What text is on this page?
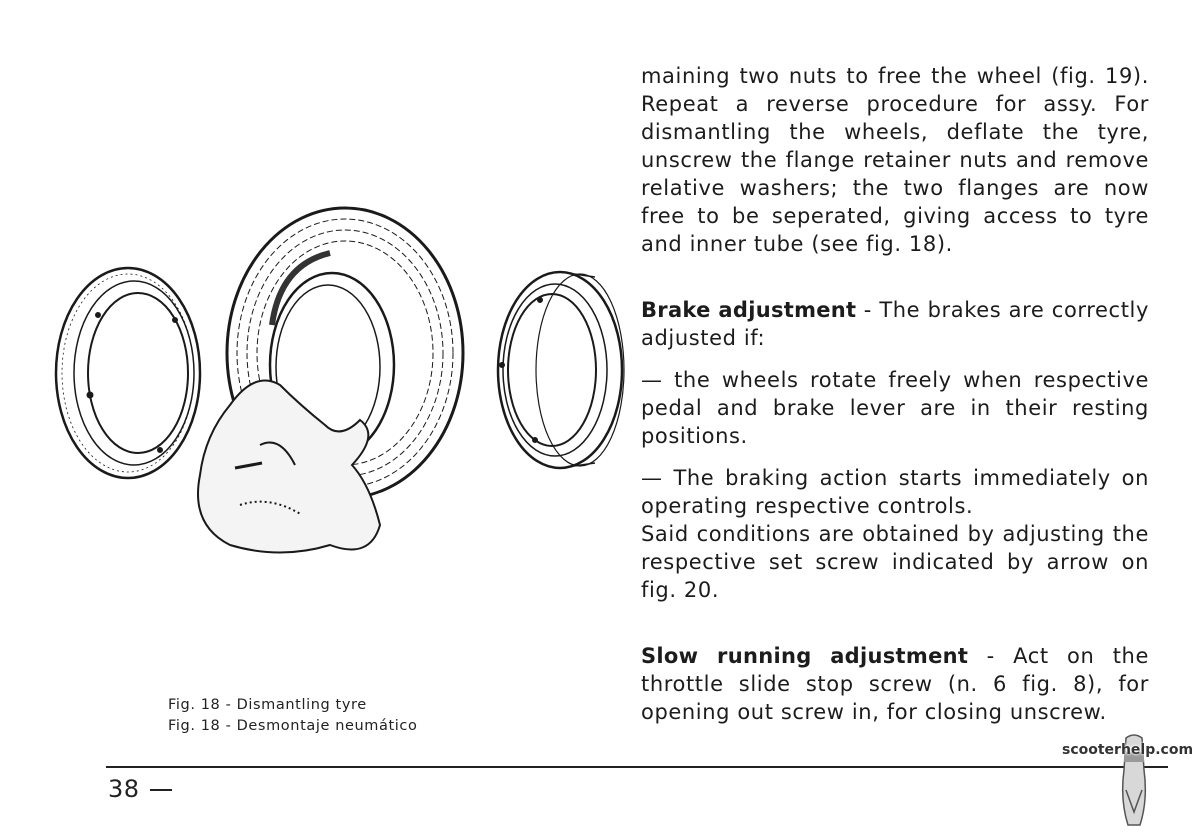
Fig. 18 - Dismantling tyre
Fig. 18 - Desmontaje neumático

maining two nuts to free the wheel (fig. 19). Repeat a reverse procedure for assy. For dismantling the wheels, deflate the tyre, unscrew the flange retainer nuts and remove relative washers; the two flanges are now free to be seperated, giving access to tyre and inner tube (see fig. 18).

Brake adjustment - The brakes are correctly adjusted if:

— the wheels rotate freely when respective pedal and brake lever are in their resting positions.

— The braking action starts immediately on operating respective controls.

Said conditions are obtained by adjusting the respective set screw indicated by arrow on fig. 20.

Slow running adjustment - Act on the throttle slide stop screw (n. 6 fig. 8), for opening out screw in, for closing unscrew.

38
scooterhelp.com
